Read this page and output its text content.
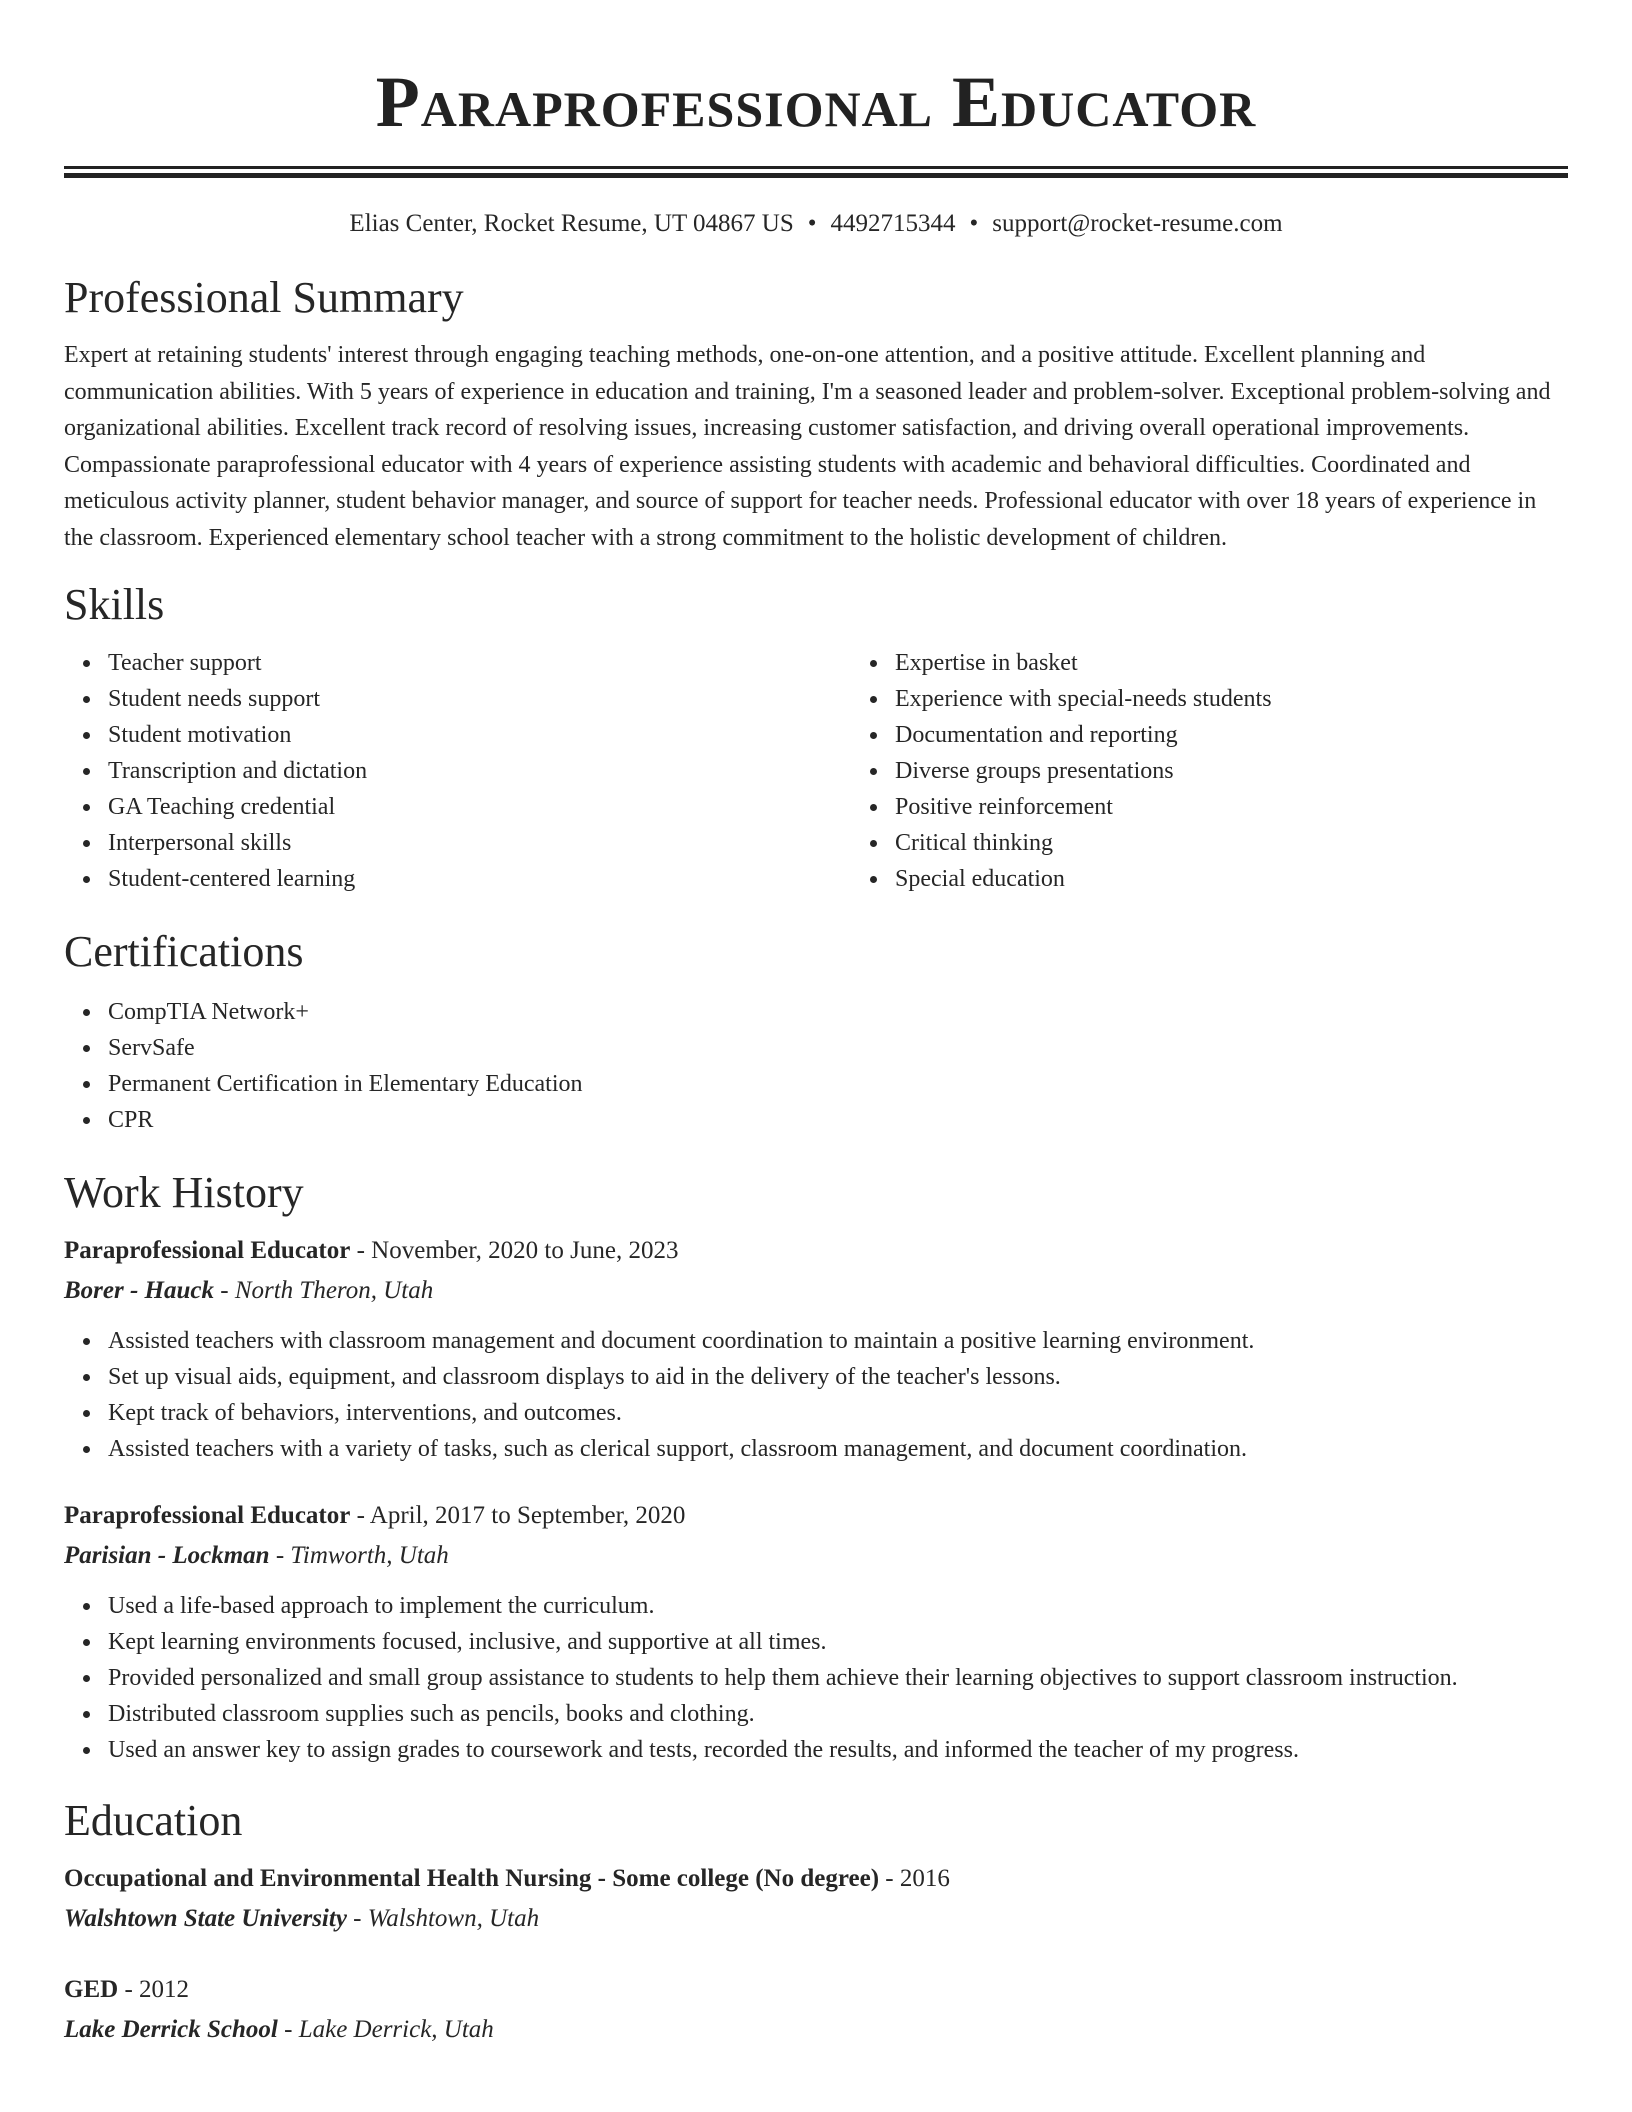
Paraprofessional Educator
Elias Center, Rocket Resume, UT 04867 US • 4492715344 • support@rocket-resume.com
Professional Summary

Expert at retaining students' interest through engaging teaching methods, one-on-one attention, and a positive attitude. Excellent planning and communication abilities. With 5 years of experience in education and training, I'm a seasoned leader and problem-solver. Exceptional problem-solving and organizational abilities. Excellent track record of resolving issues, increasing customer satisfaction, and driving overall operational improvements. Compassionate paraprofessional educator with 4 years of experience assisting students with academic and behavioral difficulties. Coordinated and meticulous activity planner, student behavior manager, and source of support for teacher needs. Professional educator with over 18 years of experience in the classroom. Experienced elementary school teacher with a strong commitment to the holistic development of children.

Skills
Teacher support
Student needs support
Student motivation
Transcription and dictation
GA Teaching credential
Interpersonal skills
Student-centered learning
Expertise in basket
Experience with special-needs students
Documentation and reporting
Diverse groups presentations
Positive reinforcement
Critical thinking
Special education
Certifications
CompTIA Network+
ServSafe
Permanent Certification in Elementary Education
CPR
Work History
Paraprofessional Educator - November, 2020 to June, 2023
Borer - Hauck - North Theron, Utah
Assisted teachers with classroom management and document coordination to maintain a positive learning environment.
Set up visual aids, equipment, and classroom displays to aid in the delivery of the teacher's lessons.
Kept track of behaviors, interventions, and outcomes.
Assisted teachers with a variety of tasks, such as clerical support, classroom management, and document coordination.
Paraprofessional Educator - April, 2017 to September, 2020
Parisian - Lockman - Timworth, Utah
Used a life-based approach to implement the curriculum.
Kept learning environments focused, inclusive, and supportive at all times.
Provided personalized and small group assistance to students to help them achieve their learning objectives to support classroom instruction.
Distributed classroom supplies such as pencils, books and clothing.
Used an answer key to assign grades to coursework and tests, recorded the results, and informed the teacher of my progress.
Education
Occupational and Environmental Health Nursing - Some college (No degree) - 2016
Walshtown State University - Walshtown, Utah
GED - 2012
Lake Derrick School - Lake Derrick, Utah
